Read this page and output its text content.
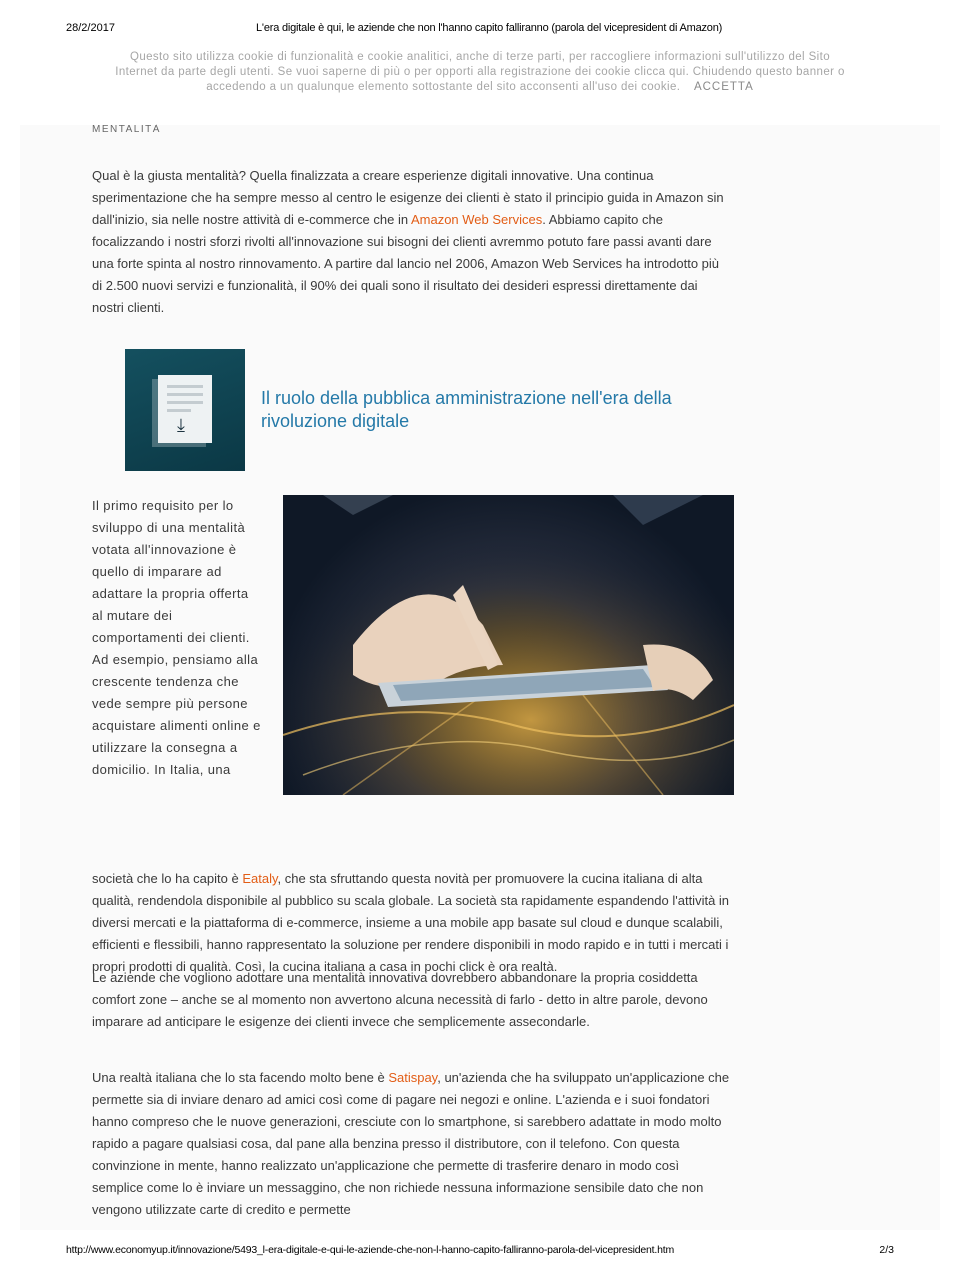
28/2/2017	L'era digitale è qui, le aziende che non l'hanno capito falliranno (parola del vicepresident di Amazon)
Questo sito utilizza cookie di funzionalità e cookie analitici, anche di terze parti, per raccogliere informazioni sull'utilizzo del Sito Internet da parte degli utenti. Se vuoi saperne di più o per opporti alla registrazione dei cookie clicca qui. Chiudendo questo banner o accedendo a un qualunque elemento sottostante del sito acconsenti all'uso dei cookie. ACCETTA
MENTALITÀ

Qual è la giusta mentalità? Quella finalizzata a creare esperienze digitali innovative. Una continua sperimentazione che ha sempre messo al centro le esigenze dei clienti è stato il principio guida in Amazon sin dall'inizio, sia nelle nostre attività di e-commerce che in Amazon Web Services. Abbiamo capito che focalizzando i nostri sforzi rivolti all'innovazione sui bisogni dei clienti avremmo potuto fare passi avanti dare una forte spinta al nostro rinnovamento. A partire dal lancio nel 2006, Amazon Web Services ha introdotto più di 2.500 nuovi servizi e funzionalità, il 90% dei quali sono il risultato dei desideri espressi direttamente dai nostri clienti.

⤓
Il ruolo della pubblica amministrazione nell'era della rivoluzione digitale
Il primo requisito per lo sviluppo di una mentalità votata all'innovazione è quello di imparare ad adattare la propria offerta al mutare dei comportamenti dei clienti. Ad esempio, pensiamo alla crescente tendenza che vede sempre più persone acquistare alimenti online e utilizzare la consegna a domicilio. In Italia, una

società che lo ha capito è Eataly, che sta sfruttando questa novità per promuovere la cucina italiana di alta qualità, rendendola disponibile al pubblico su scala globale. La società sta rapidamente espandendo l'attività in diversi mercati e la piattaforma di e-commerce, insieme a una mobile app basate sul cloud e dunque scalabili, efficienti e flessibili, hanno rappresentato la soluzione per rendere disponibili in modo rapido e in tutti i mercati i propri prodotti di qualità. Così, la cucina italiana a casa in pochi click è ora realtà.

Le aziende che vogliono adottare una mentalità innovativa dovrebbero abbandonare la propria cosiddetta comfort zone – anche se al momento non avvertono alcuna necessità di farlo - detto in altre parole, devono imparare ad anticipare le esigenze dei clienti invece che semplicemente assecondarle.

Una realtà italiana che lo sta facendo molto bene è Satispay, un'azienda che ha sviluppato un'applicazione che permette sia di inviare denaro ad amici così come di pagare nei negozi e online. L'azienda e i suoi fondatori hanno compreso che le nuove generazioni, cresciute con lo smartphone, si sarebbero adattate in modo molto rapido a pagare qualsiasi cosa, dal pane alla benzina presso il distributore, con il telefono. Con questa convinzione in mente, hanno realizzato un'applicazione che permette di trasferire denaro in modo così semplice come lo è inviare un messaggino, che non richiede nessuna informazione sensibile dato che non vengono utilizzate carte di credito e permette

http://www.economyup.it/innovazione/5493_l-era-digitale-e-qui-le-aziende-che-non-l-hanno-capito-falliranno-parola-del-vicepresident.htm	2/3
